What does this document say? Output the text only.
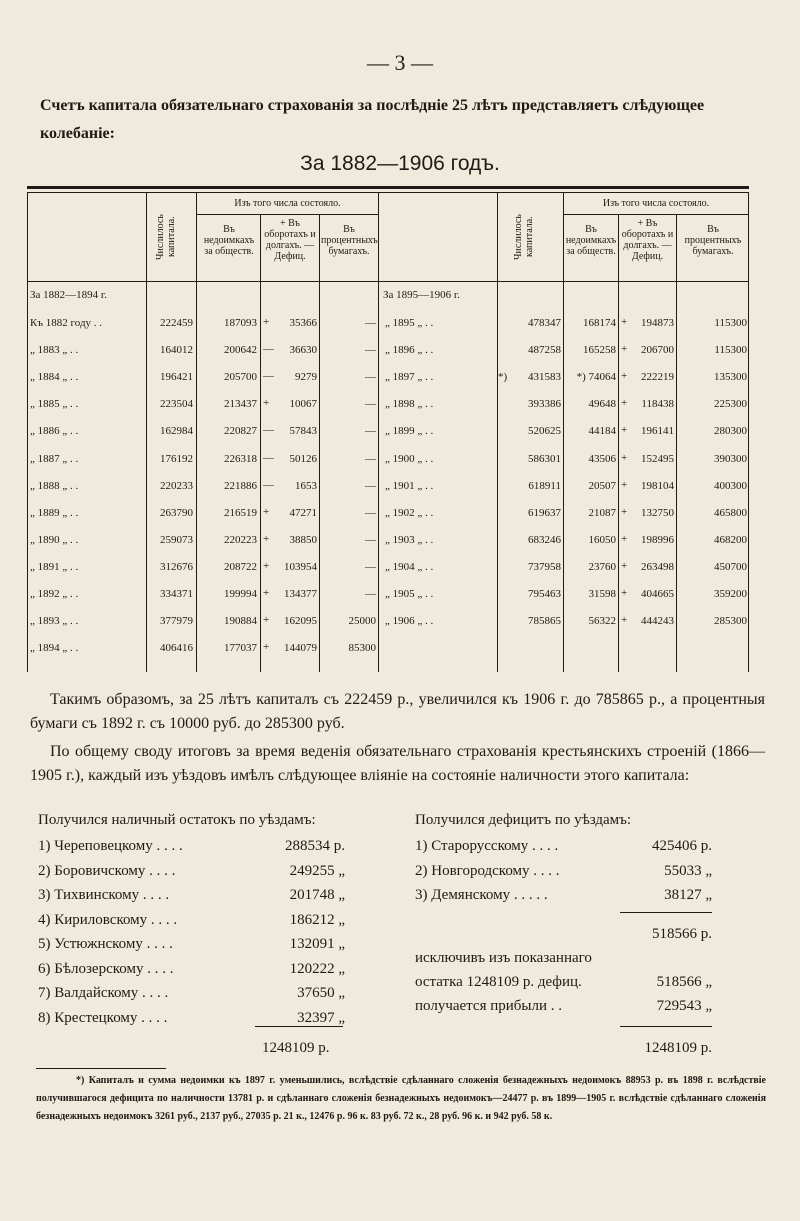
— 3 —
Счетъ капитала обязательнаго страхованія за послѣдніе 25 лѣтъ представляетъ слѣдующее колебаніе:
За 1882—1906 годъ.
Числилось капитала.
Изъ того числа состояло.
Въ недоимкахъ за обществ.
+ Въ оборотахъ и долгахъ. — Дефиц.
Въ процентныхъ бумагахъ.	Числилось капитала.
Изъ того числа состояло.
Въ недоимкахъ за обществ.
+ Въ оборотахъ и долгахъ. — Дефиц.
Въ процентныхъ бумагахъ.
За 1882—1894 г.	За 1895—1906 г.
Къ 1882 году . .	222459	187093 +	35366	—
„ 1883 „ . .	164012	200642 —	36630	—
„ 1884 „ . .	196421	205700 —	9279	—
„ 1885 „ . .	223504	213437 +	10067	—
„ 1886 „ . .	162984	220827 —	57843	—
„ 1887 „ . .	176192	226318 —	50126	—
„ 1888 „ . .	220233	221886 —	1653	—
„ 1889 „ . .	263790	216519 +	47271	—
„ 1890 „ . .	259073	220223 +	38850	—
„ 1891 „ . .	312676	208722 +	103954	—
„ 1892 „ . .	334371	199994 +	134377	—
„ 1893 „ . .	377979	190884 +	162095	25000
„ 1894 „ . .	406416	177037 +	144079	85300
„ 1895 „ . .	478347	168174 +	194873	115300
„ 1896 „ . .	487258	165258 +	206700	115300
„ 1897 „ . .	*)	431583	*) 74064 +	222219	135300
„ 1898 „ . .	393386	49648 +	118438	225300
„ 1899 „ . .	520625	44184 +	196141	280300
„ 1900 „ . .	586301	43506 +	152495	390300
„ 1901 „ . .	618911	20507 +	198104	400300
„ 1902 „ . .	619637	21087 +	132750	465800
„ 1903 „ . .	683246	16050 +	198996	468200
„ 1904 „ . .	737958	23760 +	263498	450700
„ 1905 „ . .	795463	31598 +	404665	359200
„ 1906 „ . .	785865	56322 +	444243	285300
Такимъ образомъ, за 25 лѣтъ капиталъ съ 222459 р., увеличился къ 1906 г. до 785865 р., а процентныя бумаги съ 1892 г. съ 10000 руб. до 285300 руб.
По общему своду итоговъ за время веденія обязательнаго страхованія крестьянскихъ строеній (1866—1905 г.), каждый изъ уѣздовъ имѣлъ слѣдующее вліяніе на состояніе наличности этого капитала:
Получился наличный остатокъ по уѣздамъ:
1) Череповецкому . . . .	288534 р.
2) Боровичскому . . . .	249255 „
3) Тихвинскому . . . .	201748 „
4) Кириловскому . . . .	186212 „
5) Устюжнскому . . . .	132091 „
6) Бѣлозерскому . . . .	120222 „
7) Валдайскому . . . .	37650 „
8) Крестецкому . . . .	32397 „
1248109 р.
Получился дефицитъ по уѣздамъ:
1) Старорусскому . . . .	425406 р.
2) Новгородскому . . . .	55033 „
3) Демянскому . . . . .	38127 „
518566 р.
исключивъ изъ показаннаго
остатка 1248109 р. дефиц.	518566 „
получается прибыли . .	729543 „
1248109 р.
*) Капиталъ и сумма недоимки къ 1897 г. уменьшились, вслѣдствіе сдѣланнаго сложенія безнадежныхъ недоимокъ 88953 р. въ 1898 г. вслѣдствіе получившагося дефицита по наличности 13781 р. и сдѣланнаго сложенія безнадежныхъ недоимокъ—24477 р. въ 1899—1905 г. вслѣдствіе сдѣланнаго сложенія безнадежныхъ недоимокъ 3261 руб., 2137 руб., 27035 р. 21 к., 12476 р. 96 к. 83 руб. 72 к., 28 руб. 96 к. и 942 руб. 58 к.
